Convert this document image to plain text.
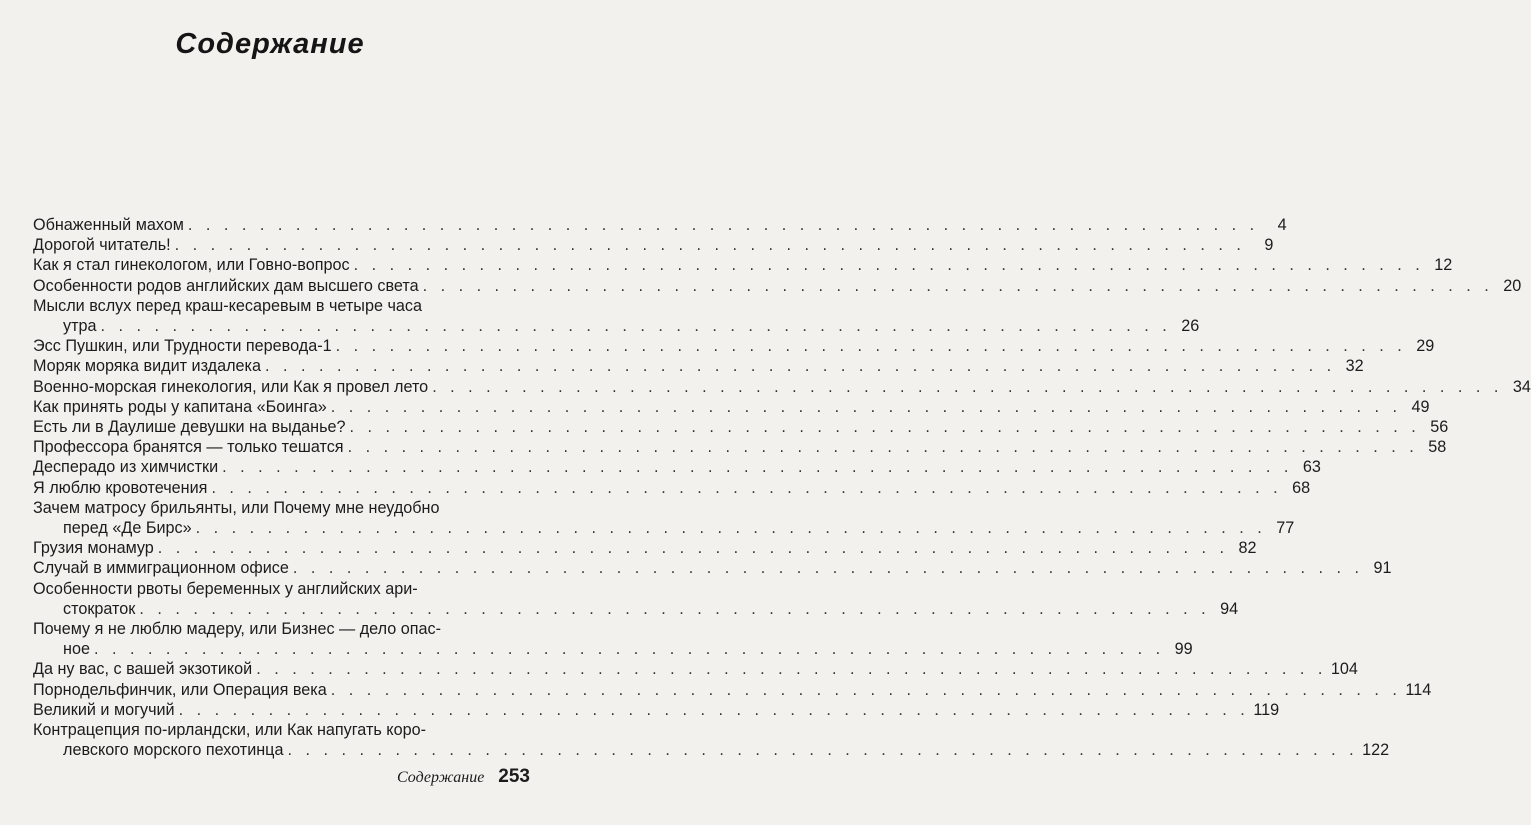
Содержание
Обнаженный махом . . . . . . . . . . . . . . . . . . . . . . . . . . . . . . . . . . . . . . . . . . . . . . . . . . . . . . . . . . . .	4
Дорогой читатель! . . . . . . . . . . . . . . . . . . . . . . . . . . . . . . . . . . . . . . . . . . . . . . . . . . . . . . . . . . . .	9
Как я стал гинекологом, или Говно-вопрос . . . . . . . . . . . . . . . . . . . . . . . . . . . . . . . . . . . . . . . . . . . . . . . . . . . . . . . . . . . . 12
Особенности родов английских дам высшего света . . . . . . . . . . . . . . . . . . . . . . . . . . . . . . . . . . . . . . . . . . . . . . . . . . . . . . . . . . . . 20
Мысли вслух перед краш-кесаревым в четыре часа
утра . . . . . . . . . . . . . . . . . . . . . . . . . . . . . . . . . . . . . . . . . . . . . . . . . . . . . . . . . . . . 26
Эсс Пушкин, или Трудности перевода-1 . . . . . . . . . . . . . . . . . . . . . . . . . . . . . . . . . . . . . . . . . . . . . . . . . . . . . . . . . . . . 29
Моряк моряка видит издалека . . . . . . . . . . . . . . . . . . . . . . . . . . . . . . . . . . . . . . . . . . . . . . . . . . . . . . . . . . . . 32
Военно-морская гинекология, или Как я провел лето . . . . . . . . . . . . . . . . . . . . . . . . . . . . . . . . . . . . . . . . . . . . . . . . . . . . . . . . . . . . 34
Как принять роды у капитана «Боинга» . . . . . . . . . . . . . . . . . . . . . . . . . . . . . . . . . . . . . . . . . . . . . . . . . . . . . . . . . . . . 49
Есть ли в Даулише девушки на выданье? . . . . . . . . . . . . . . . . . . . . . . . . . . . . . . . . . . . . . . . . . . . . . . . . . . . . . . . . . . . . 56
Профессора бранятся — только тешатся . . . . . . . . . . . . . . . . . . . . . . . . . . . . . . . . . . . . . . . . . . . . . . . . . . . . . . . . . . . . 58
Десперадо из химчистки . . . . . . . . . . . . . . . . . . . . . . . . . . . . . . . . . . . . . . . . . . . . . . . . . . . . . . . . . . . . 63
Я люблю кровотечения . . . . . . . . . . . . . . . . . . . . . . . . . . . . . . . . . . . . . . . . . . . . . . . . . . . . . . . . . . . . 68
Зачем матросу брильянты, или Почему мне неудобно
перед «Де Бирс» . . . . . . . . . . . . . . . . . . . . . . . . . . . . . . . . . . . . . . . . . . . . . . . . . . . . . . . . . . . . 77
Грузия монамур . . . . . . . . . . . . . . . . . . . . . . . . . . . . . . . . . . . . . . . . . . . . . . . . . . . . . . . . . . . . 82
Случай в иммиграционном офисе . . . . . . . . . . . . . . . . . . . . . . . . . . . . . . . . . . . . . . . . . . . . . . . . . . . . . . . . . . . . 91
Особенности рвоты беременных у английских ари-
стократок . . . . . . . . . . . . . . . . . . . . . . . . . . . . . . . . . . . . . . . . . . . . . . . . . . . . . . . . . . . . 94
Почему я не люблю мадеру, или Бизнес — дело опас-
ное . . . . . . . . . . . . . . . . . . . . . . . . . . . . . . . . . . . . . . . . . . . . . . . . . . . . . . . . . . . . 99
Да ну вас, с вашей экзотикой . . . . . . . . . . . . . . . . . . . . . . . . . . . . . . . . . . . . . . . . . . . . . . . . . . . . . . . . . . . . 104
Порнодельфинчик, или Операция века . . . . . . . . . . . . . . . . . . . . . . . . . . . . . . . . . . . . . . . . . . . . . . . . . . . . . . . . . . . . 114
Великий и могучий . . . . . . . . . . . . . . . . . . . . . . . . . . . . . . . . . . . . . . . . . . . . . . . . . . . . . . . . . . . . 119
Контрацепция по-ирландски, или Как напугать коро-
левского морского пехотинца . . . . . . . . . . . . . . . . . . . . . . . . . . . . . . . . . . . . . . . . . . . . . . . . . . . . . . . . . . . . 122
Содержание 253
